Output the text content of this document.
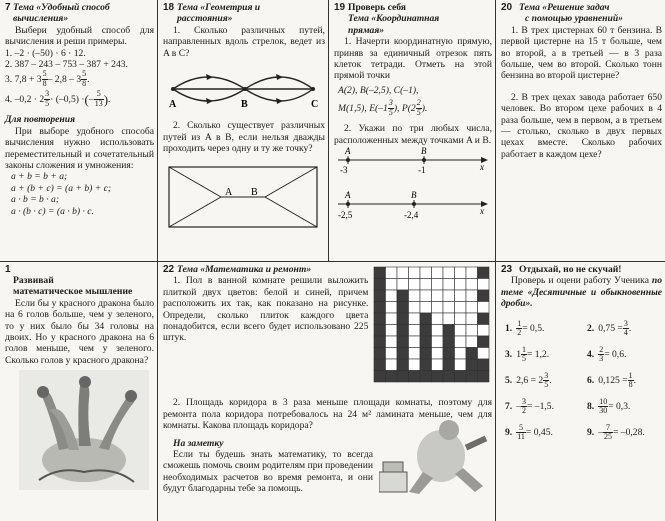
7 Тема «Удобный способ
вычисления»

Выбери удобный способ для вычисления и реши примеры.

1. –2 · (–50) · 6 · 12.

2. 387 – 243 – 753 – 387 + 243.

3. $7,8 + 3 \frac{5}{8} - 2,8 - 3 \frac{5}{8}$ .
4. $-0,2 \cdot 2 \frac{3}{5} \cdot (-0,5)$ · ( – $\frac{5}{13}$ ) .
Для повторения

При выборе удобного способа вычисления нужно использовать переместительный и сочетательный законы сложения и умножения:

a + b = b + a;
a + (b + c) = (a + b) + c;
a · b = b · a;
a · (b · c) = (a · b) · c.
18 Тема «Геометрия и
расстояния»

1. Сколько различных путей, направленных вдоль стрелок, ведет из A в C?

A	B	C

2. Сколько существует различных путей из A в B, если нельзя дважды проходить через одну и ту же точку?

A B
19 Проверь себя
Тема «Координатная
прямая»

1. Начерти координатную прямую, приняв за единичный отрезок пять клеток тетради. Отметь на этой прямой точки

A(2), B(–2,5), C(–1),

M(1,5),
$E(-1 \frac{3}{5}$ ), $P(2 \frac{2}{5}$ ).

2. Укажи по три любых числа, расположенных между точками A и B.

A	B
x
-3	-1
A	B
x
-2,5	-2,4
20 Тема «Решение задач
с помощью уравнений»

1. В трех цистернах 60 т бензина. В первой цистерне на 15 т больше, чем во второй, а в третьей — в 3 раза больше, чем во второй. Сколько тонн бензина во второй цистерне?

2. В трех цехах завода работает 650 человек. Во втором цехе рабочих в 4 раза больше, чем в первом, а в третьем — столько, сколько в двух первых цехах вместе. Сколько рабочих работает в каждом цехе?

1
Развивай
математическое мышление

Если бы у красного дракона было на 6 голов больше, чем у зеленого, то у них было бы 34 головы на двоих. Но у красного дракона на 6 голов меньше, чем у зеленого. Сколько голов у красного дракона?

22 Тема «Математика и ремонт»

1. Пол в ванной комнате решили выложить плиткой двух цветов: белой и синей, причем расположить их так, как показано на рисунке. Определи, сколько плиток каждого цвета понадобится, если всего будет использовано 225 штук.

2. Площадь коридора в 3 раза меньше площади комнаты, поэтому для ремонта пола коридора потребовалось на 24 м² ламината меньше, чем для комнаты. Какова площадь коридора?

На заметку

Если ты будешь знать математику, то всегда сможешь помочь своим родителям при проведении необходимых расчетов во время ремонта, и они будут благодарны тебе за помощь.

23 Отдыхай, но не скучай!

Проверь и оцени работу Ученика по теме «Десятичные и обыкновенные дроби».

1. $\frac{1}{2} = 0,5$.	2. $0,75 = \frac{3}{4}$ .
3. $1 \frac{1}{5} = 1,2$.	4. $\frac{2}{3} = 0,6$.
5. $2,6 = 2 \frac{3}{5}$ .	6. $0,125 = \frac{1}{8}$ .
7. – $\frac{3}{2} = -1,5$.	8. $\frac{10}{30} = 0,3$.
9. $\frac{5}{11} = 0,45$.	9. – $\frac{7}{25} = -0,28$.
